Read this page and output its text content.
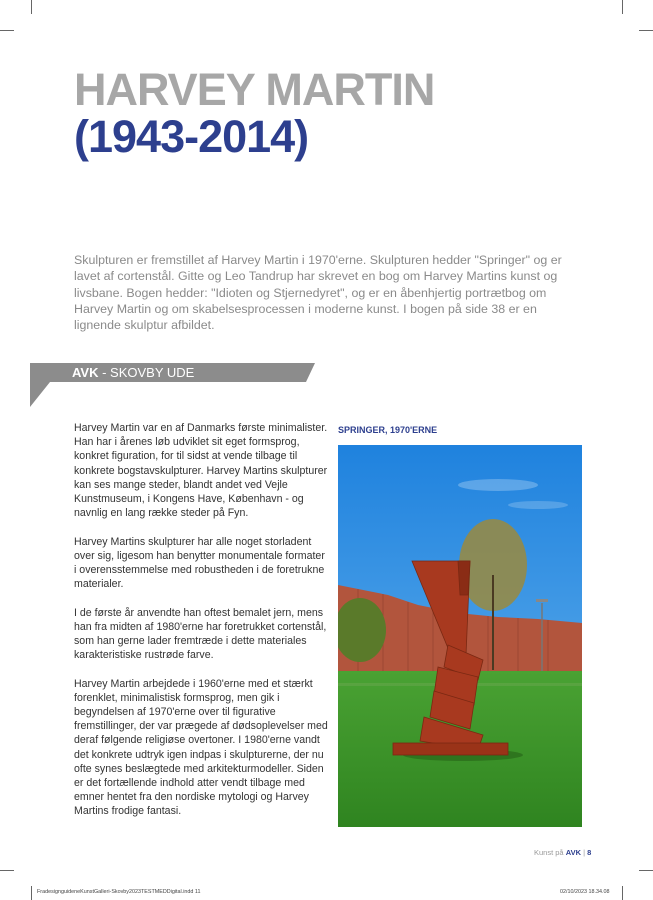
HARVEY MARTIN
(1943-2014)

Skulpturen er fremstillet af Harvey Martin i 1970'erne. Skulpturen hedder "Springer" og er lavet af cortenstål. Gitte og Leo Tandrup har skrevet en bog om Harvey Martins kunst og livsbane. Bogen hedder: "Idioten og Stjernedyret", og er en åbenhjertig portrætbog om Harvey Martin og om skabelsesprocessen i moderne kunst. I bogen på side 38 er en lignende skulptur afbildet.

AVK - SKOVBY UDE

Harvey Martin var en af Danmarks første minimalister. Han har i årenes løb udviklet sit eget formsprog, konkret figuration, for til sidst at vende tilbage til konkrete bogstavskulpturer. Harvey Martins skulpturer kan ses mange steder, blandt andet ved Vejle Kunstmuseum, i Kongens Have, København - og navnlig en lang række steder på Fyn.

Harvey Martins skulpturer har alle noget storladent over sig, ligesom han benytter monumentale formater i overensstemmelse med robustheden i de foretrukne materialer.

I de første år anvendte han oftest bemalet jern, mens han fra midten af 1980'erne har foretrukket cortenstål, som han gerne lader fremtræde i dette materiales karakteristiske rustrøde farve.

Harvey Martin arbejdede i 1960'erne med et stærkt forenklet, minimalistisk formsprog, men gik i begyndelsen af 1970'erne over til figurative fremstillinger, der var prægede af dødsoplevelser med deraf følgende religiøse overtoner. I 1980'erne vandt det konkrete udtryk igen indpas i skulpturerne, der nu ofte synes beslægtede med arkitekturmodeller. Siden er det fortællende indhold atter vendt tilbage med emner hentet fra den nordiske mytologi og Harvey Martins frodige fantasi.

SPRINGER, 1970'ERNE
Kunst på AVK | 8
FradesignguideneKunstGalleri-Skovby2023TESTMEDDigital.indd 11	02/10/2023 18.34.08
